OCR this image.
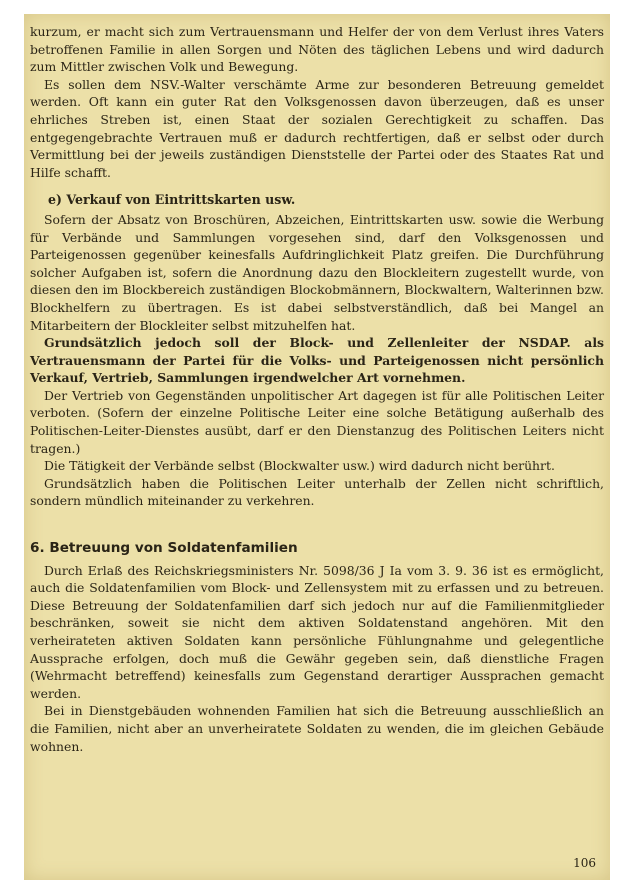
kurzum, er macht sich zum Vertrauensmann und Helfer der von dem Verlust ihres Vaters betroffenen Familie in allen Sorgen und Nöten des täglichen Lebens und wird dadurch zum Mittler zwischen Volk und Bewegung.

Es sollen dem NSV.-Walter verschämte Arme zur besonderen Betreuung gemeldet werden. Oft kann ein guter Rat den Volksgenossen davon überzeugen, daß es unser ehrliches Streben ist, einen Staat der sozialen Gerechtigkeit zu schaffen. Das entgegengebrachte Vertrauen muß er dadurch rechtfertigen, daß er selbst oder durch Vermittlung bei der jeweils zuständigen Dienststelle der Partei oder des Staates Rat und Hilfe schafft.

e) Verkauf von Eintrittskarten usw.

Sofern der Absatz von Broschüren, Abzeichen, Eintrittskarten usw. sowie die Werbung für Verbände und Sammlungen vorgesehen sind, darf den Volksgenossen und Parteigenossen gegenüber keinesfalls Aufdringlichkeit Platz greifen. Die Durchführung solcher Aufgaben ist, sofern die Anordnung dazu den Blockleitern zugestellt wurde, von diesen den im Blockbereich zuständigen Blockobmännern, Blockwaltern, Walterinnen bzw. Blockhelfern zu übertragen. Es ist dabei selbstverständlich, daß bei Mangel an Mitarbeitern der Blockleiter selbst mitzuhelfen hat.

Grundsätzlich jedoch soll der Block- und Zellenleiter der NSDAP. als Vertrauensmann der Partei für die Volks- und Parteigenossen nicht persönlich Verkauf, Vertrieb, Sammlungen irgendwelcher Art vornehmen.

Der Vertrieb von Gegenständen unpolitischer Art dagegen ist für alle Politischen Leiter verboten. (Sofern der einzelne Politische Leiter eine solche Betätigung außerhalb des Politischen-Leiter-Dienstes ausübt, darf er den Dienstanzug des Politischen Leiters nicht tragen.)

Die Tätigkeit der Verbände selbst (Blockwalter usw.) wird dadurch nicht berührt.

Grundsätzlich haben die Politischen Leiter unterhalb der Zellen nicht schriftlich, sondern mündlich miteinander zu verkehren.

6. Betreuung von Soldatenfamilien

Durch Erlaß des Reichskriegsministers Nr. 5098/36 J Ia vom 3. 9. 36 ist es ermöglicht, auch die Soldatenfamilien vom Block- und Zellensystem mit zu erfassen und zu betreuen. Diese Betreuung der Soldatenfamilien darf sich jedoch nur auf die Familienmitglieder beschränken, soweit sie nicht dem aktiven Soldatenstand angehören. Mit den verheirateten aktiven Soldaten kann persönliche Fühlungnahme und gelegentliche Aussprache erfolgen, doch muß die Gewähr gegeben sein, daß dienstliche Fragen (Wehrmacht betreffend) keinesfalls zum Gegenstand derartiger Aussprachen gemacht werden.

Bei in Dienstgebäuden wohnenden Familien hat sich die Betreuung ausschließlich an die Familien, nicht aber an unverheiratete Soldaten zu wenden, die im gleichen Gebäude wohnen.

106
